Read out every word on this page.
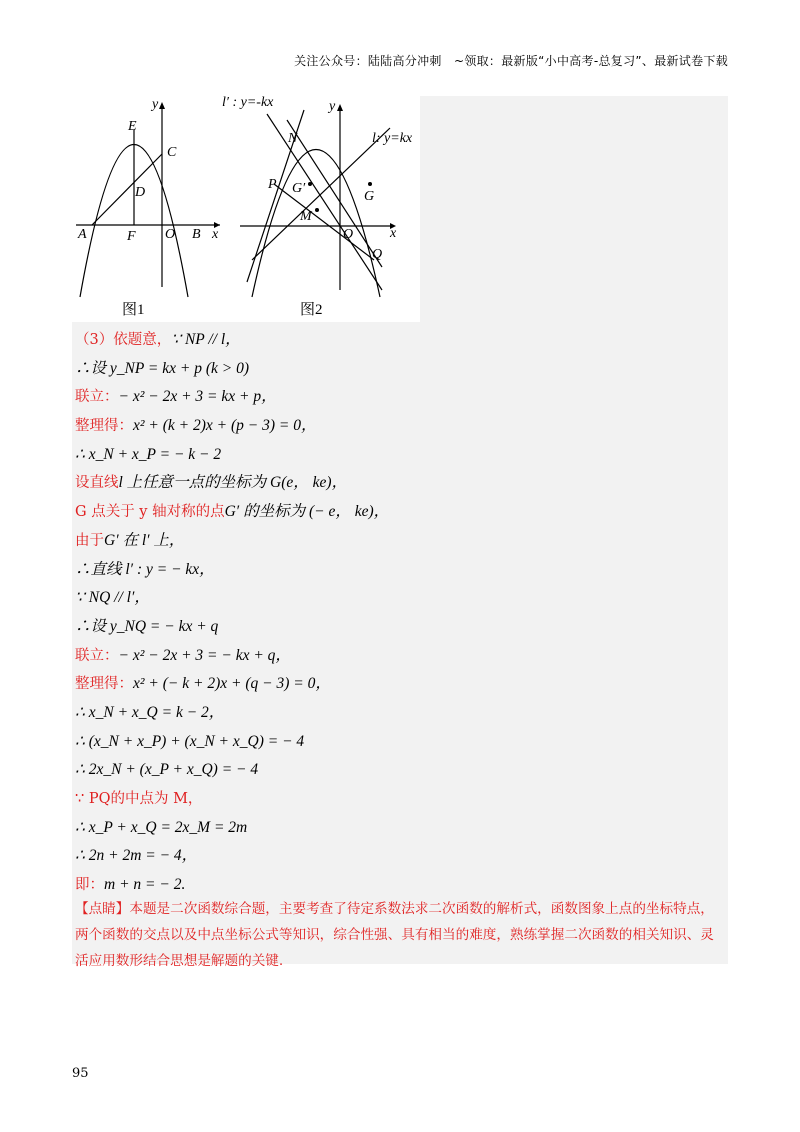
关注公众号：陆陆高分冲刺　~领取：最新版“小中高考-总复习”、最新试卷下载
y
x
E
C
D
A	F O B
图1
l′ : y=-kx
l: y=kx
y
x
N
P G′
G
M
O
Q
图2
（3）依题意，∵ NP // l，
∴设 y_NP = kx + p (k > 0)
联立：− x² − 2x + 3 = kx + p，
整理得：x² + (k + 2)x + (p − 3) = 0，
∴ x_N + x_P = − k − 2
设直线l 上任意一点的坐标为 G(e， ke)，
G 点关于 y 轴对称的点G′ 的坐标为 (− e， ke)，
由于G′ 在 l′ 上，
∴直线 l′ : y = − kx，
∵ NQ // l′，
∴设 y_NQ = − kx + q
联立：− x² − 2x + 3 = − kx + q，
整理得：x² + (− k + 2)x + (q − 3) = 0，
∴ x_N + x_Q = k − 2，
∴ (x_N + x_P) + (x_N + x_Q) = − 4
∴ 2x_N + (x_P + x_Q) = − 4
∵ PQ的中点为 M，
∴ x_P + x_Q = 2x_M = 2m
∴ 2n + 2m = − 4，
即：m + n = − 2.
【点睛】本题是二次函数综合题，主要考查了待定系数法求二次函数的解析式，函数图象上点的坐标特点，两个函数的交点以及中点坐标公式等知识，综合性强、具有相当的难度，熟练掌握二次函数的相关知识、灵活应用数形结合思想是解题的关键.
95
